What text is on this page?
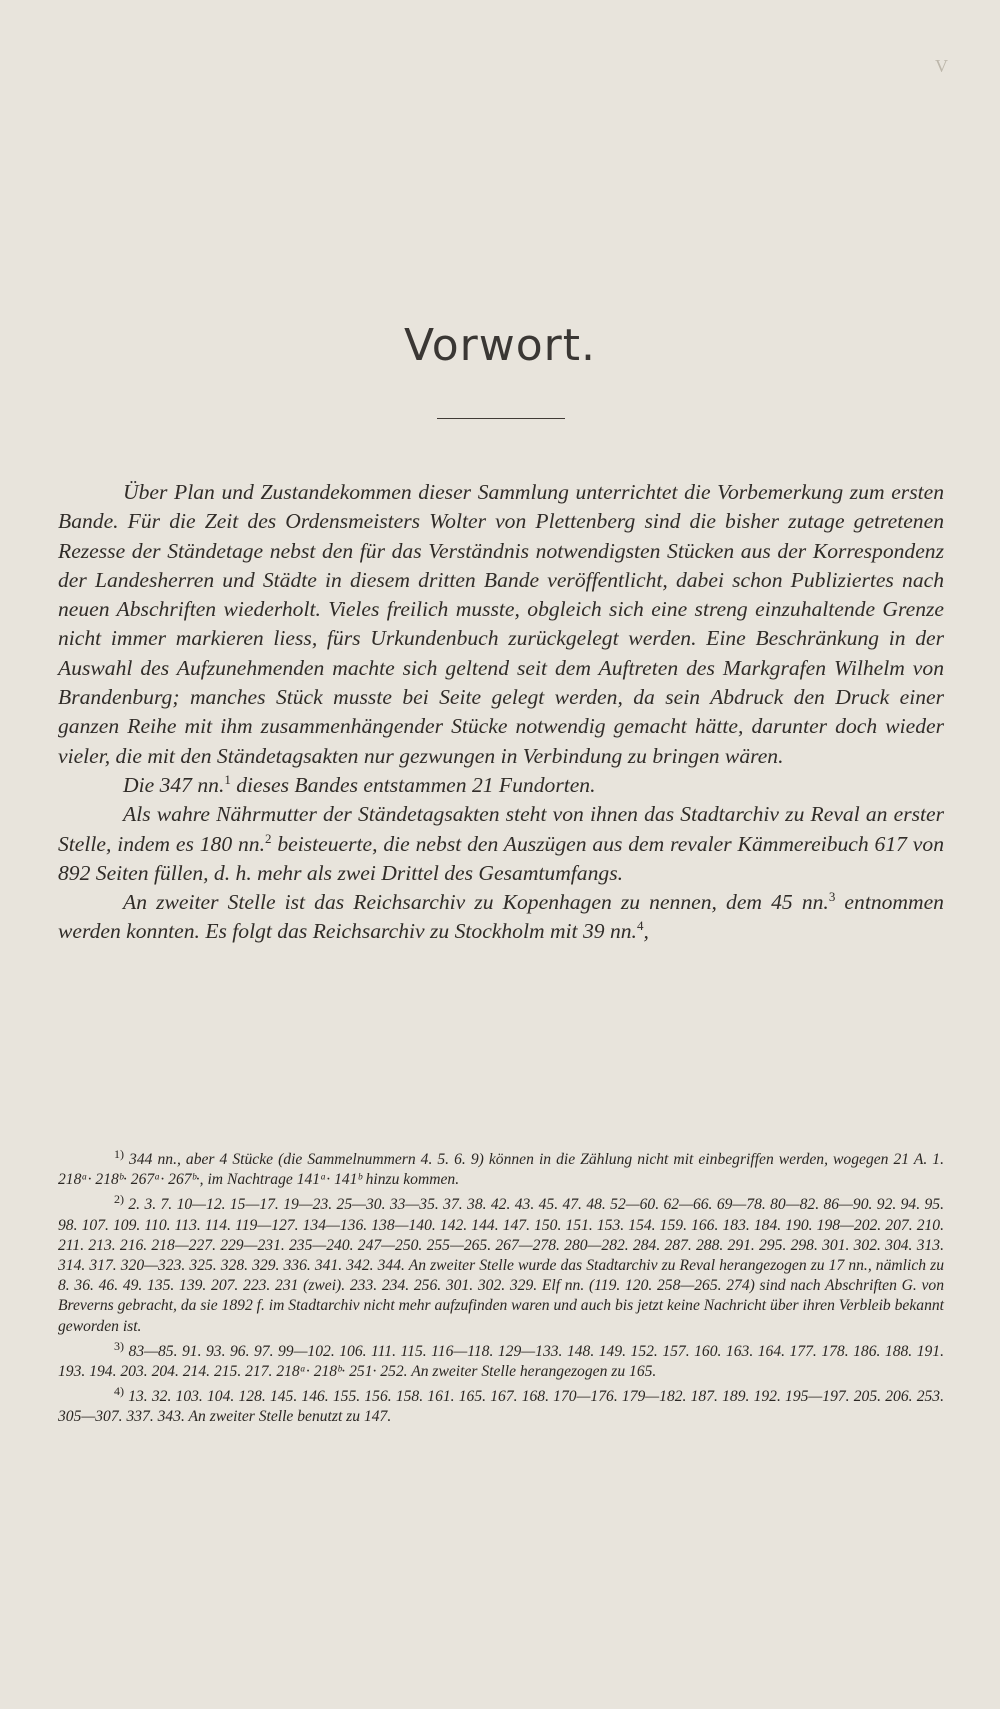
V
Vorwort.

Über Plan und Zustandekommen dieser Sammlung unterrichtet die Vorbemerkung zum ersten Bande. Für die Zeit des Ordensmeisters Wolter von Plettenberg sind die bisher zutage getretenen Rezesse der Ständetage nebst den für das Verständnis notwendigsten Stücken aus der Korrespondenz der Landesherren und Städte in diesem dritten Bande veröffentlicht, dabei schon Publiziertes nach neuen Abschriften wiederholt. Vieles freilich musste, obgleich sich eine streng einzuhaltende Grenze nicht immer markieren liess, fürs Urkundenbuch zurückgelegt werden. Eine Beschränkung in der Auswahl des Aufzunehmenden machte sich geltend seit dem Auftreten des Markgrafen Wilhelm von Brandenburg; manches Stück musste bei Seite gelegt werden, da sein Abdruck den Druck einer ganzen Reihe mit ihm zusammenhängender Stücke notwendig gemacht hätte, darunter doch wieder vieler, die mit den Ständetagsakten nur gezwungen in Verbindung zu bringen wären.

Die 347 nn.$^1$ dieses Bandes entstammen 21 Fundorten.

Als wahre Nährmutter der Ständetagsakten steht von ihnen das Stadtarchiv zu Reval an erster Stelle, indem es 180 nn.$^2$ beisteuerte, die nebst den Auszügen aus dem revaler Kämmereibuch 617 von 892 Seiten füllen, d. h. mehr als zwei Drittel des Gesamtumfangs.

An zweiter Stelle ist das Reichsarchiv zu Kopenhagen zu nennen, dem 45 nn.$^3$ entnommen werden konnten. Es folgt das Reichsarchiv zu Stockholm mit 39 nn.$^4$,

$^{1)}$ 344 nn., aber 4 Stücke (die Sammelnummern 4. 5. 6. 9) können in die Zählung nicht mit einbegriffen werden, wogegen 21 A. 1. 218ᵃ· 218ᵇ· 267ᵃ· 267ᵇ·, im Nachtrage 141ᵃ· 141ᵇ hinzu kommen.

$^{2)}$ 2. 3. 7. 10—12. 15—17. 19—23. 25—30. 33—35. 37. 38. 42. 43. 45. 47. 48. 52—60. 62—66. 69—78. 80—82. 86—90. 92. 94. 95. 98. 107. 109. 110. 113. 114. 119—127. 134—136. 138—140. 142. 144. 147. 150. 151. 153. 154. 159. 166. 183. 184. 190. 198—202. 207. 210. 211. 213. 216. 218—227. 229—231. 235—240. 247—250. 255—265. 267—278. 280—282. 284. 287. 288. 291. 295. 298. 301. 302. 304. 313. 314. 317. 320—323. 325. 328. 329. 336. 341. 342. 344. An zweiter Stelle wurde das Stadtarchiv zu Reval herangezogen zu 17 nn., nämlich zu 8. 36. 46. 49. 135. 139. 207. 223. 231 (zwei). 233. 234. 256. 301. 302. 329. Elf nn. (119. 120. 258—265. 274) sind nach Abschriften G. von Breverns gebracht, da sie 1892 f. im Stadtarchiv nicht mehr aufzufinden waren und auch bis jetzt keine Nachricht über ihren Verbleib bekannt geworden ist.

$^{3)}$ 83—85. 91. 93. 96. 97. 99—102. 106. 111. 115. 116—118. 129—133. 148. 149. 152. 157. 160. 163. 164. 177. 178. 186. 188. 191. 193. 194. 203. 204. 214. 215. 217. 218ᵃ· 218ᵇ· 251· 252. An zweiter Stelle herangezogen zu 165.

$^{4)}$ 13. 32. 103. 104. 128. 145. 146. 155. 156. 158. 161. 165. 167. 168. 170—176. 179—182. 187. 189. 192. 195—197. 205. 206. 253. 305—307. 337. 343. An zweiter Stelle benutzt zu 147.
